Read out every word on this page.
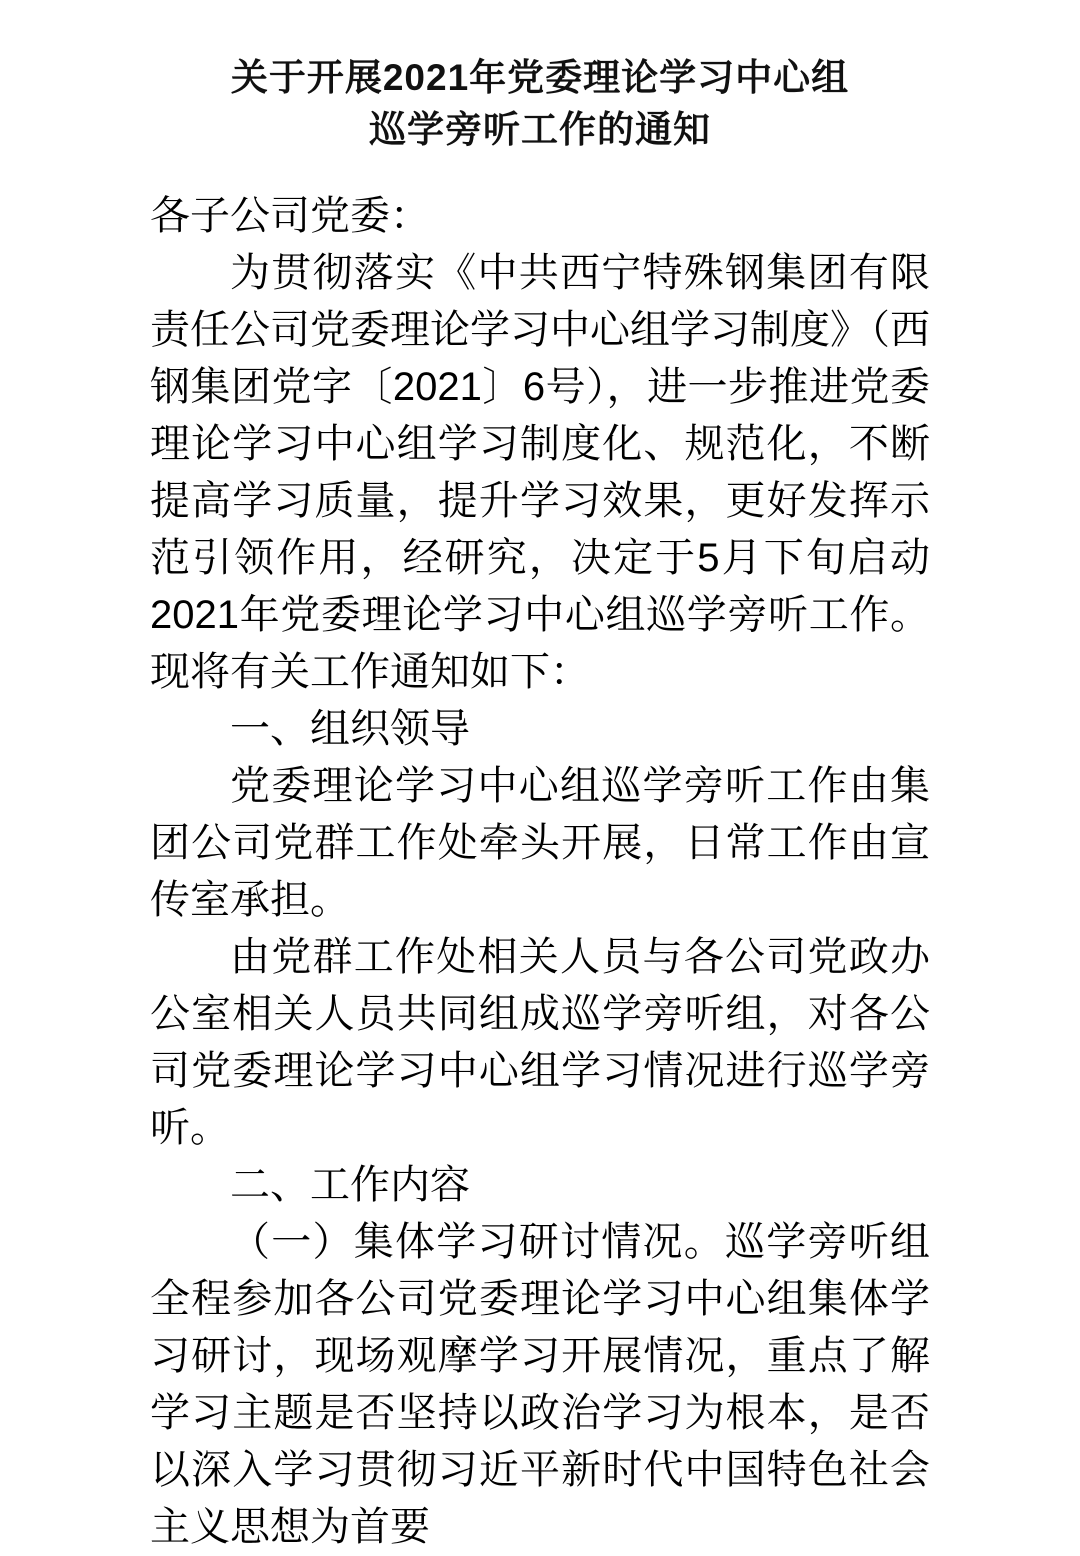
关于开展2021年党委理论学习中心组
巡学旁听工作的通知

各子公司党委：

为贯彻落实《中共西宁特殊钢集团有限责任公司党委理论学习中心组学习制度》（西钢集团党字〔2021〕6号），进一步推进党委理论学习中心组学习制度化、规范化，不断提高学习质量，提升学习效果，更好发挥示范引领作用，经研究，决定于5月下旬启动2021年党委理论学习中心组巡学旁听工作。现将有关工作通知如下：

一、组织领导

党委理论学习中心组巡学旁听工作由集团公司党群工作处牵头开展，日常工作由宣传室承担。

由党群工作处相关人员与各公司党政办公室相关人员共同组成巡学旁听组，对各公司党委理论学习中心组学习情况进行巡学旁听。

二、工作内容

（一）集体学习研讨情况。巡学旁听组全程参加各公司党委理论学习中心组集体学习研讨，现场观摩学习开展情况，重点了解学习主题是否坚持以政治学习为根本，是否以深入学习贯彻习近平新时代中国特色社会主义思想为首要
